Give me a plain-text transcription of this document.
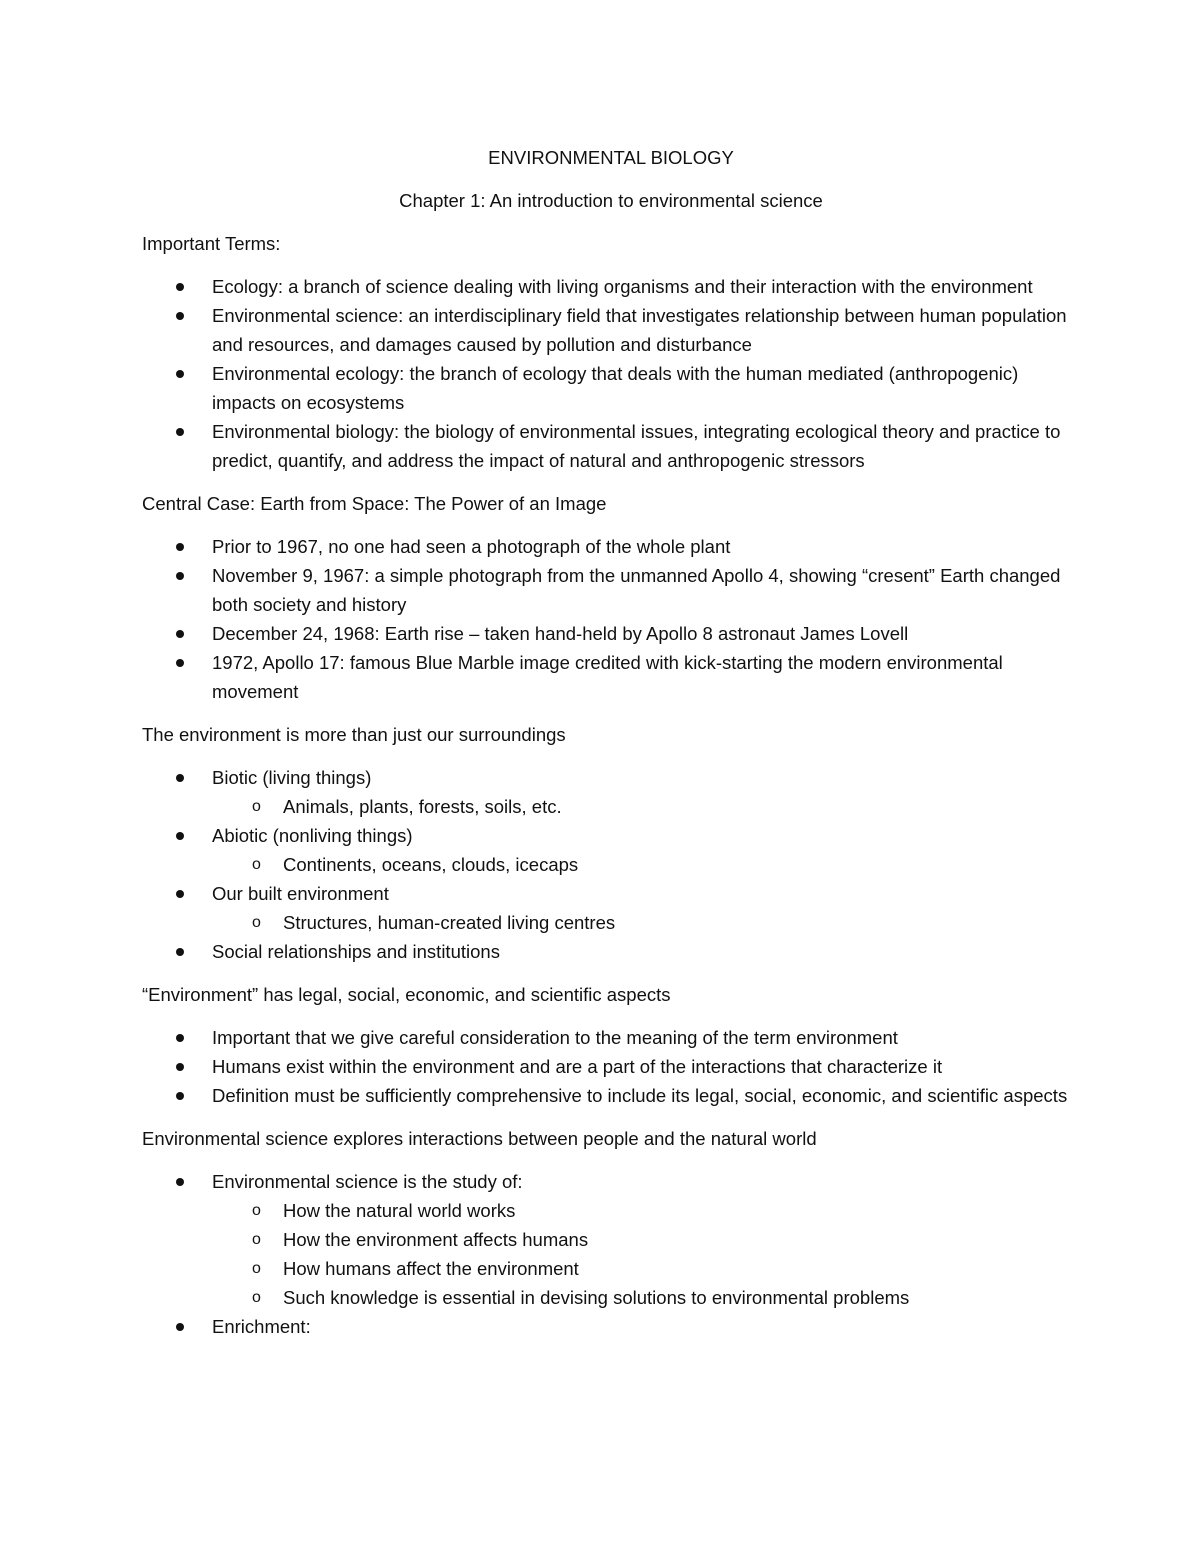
ENVIRONMENTAL BIOLOGY

Chapter 1: An introduction to environmental science

Important Terms:

Ecology: a branch of science dealing with living organisms and their interaction with the environment
Environmental science: an interdisciplinary field that investigates relationship between human population and resources, and damages caused by pollution and disturbance
Environmental ecology: the branch of ecology that deals with the human mediated (anthropogenic) impacts on ecosystems
Environmental biology: the biology of environmental issues, integrating ecological theory and practice to predict, quantify, and address the impact of natural and anthropogenic stressors

Central Case: Earth from Space: The Power of an Image

Prior to 1967, no one had seen a photograph of the whole plant
November 9, 1967: a simple photograph from the unmanned Apollo 4, showing “cresent” Earth changed both society and history
December 24, 1968: Earth rise – taken hand-held by Apollo 8 astronaut James Lovell
1972, Apollo 17: famous Blue Marble image credited with kick-starting the modern environmental movement

The environment is more than just our surroundings

Biotic (living things)
o Animals, plants, forests, soils, etc.
Abiotic (nonliving things)
o Continents, oceans, clouds, icecaps
Our built environment
o Structures, human-created living centres
Social relationships and institutions

“Environment” has legal, social, economic, and scientific aspects

Important that we give careful consideration to the meaning of the term environment
Humans exist within the environment and are a part of the interactions that characterize it
Definition must be sufficiently comprehensive to include its legal, social, economic, and scientific aspects

Environmental science explores interactions between people and the natural world

Environmental science is the study of:
o How the natural world works
o How the environment affects humans
o How humans affect the environment
o Such knowledge is essential in devising solutions to environmental problems
Enrichment:
